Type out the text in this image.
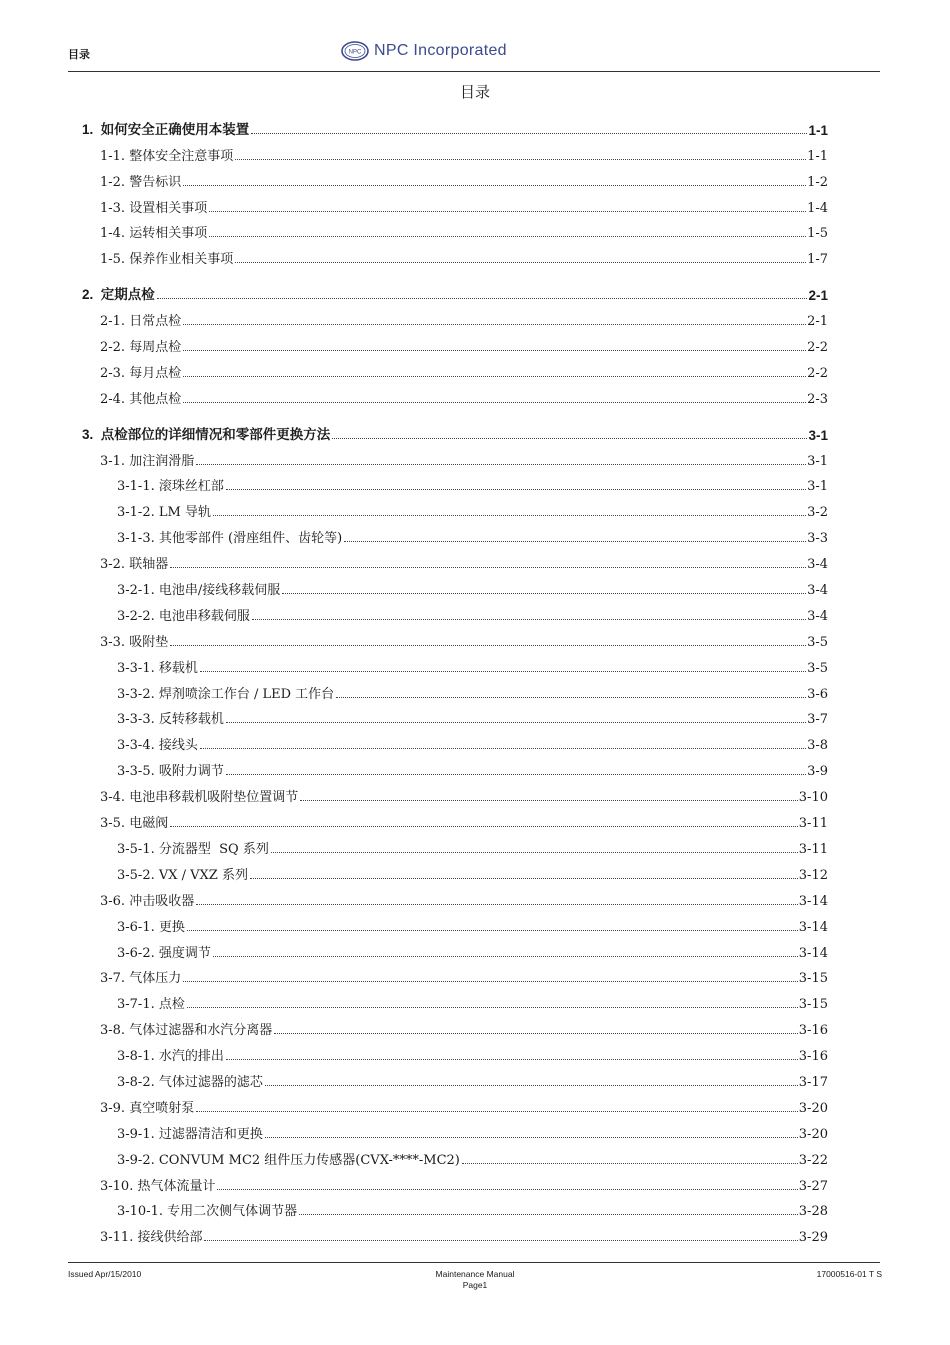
目录	NPC NPC Incorporated
目录
1.  如何安全正确使用本装置	1-1
1-1. 整体安全注意事项	1-1
1-2. 警告标识	1-2
1-3. 设置相关事项	1-4
1-4. 运转相关事项	1-5
1-5. 保养作业相关事项	1-7
2.  定期点检	2-1
2-1. 日常点检	2-1
2-2. 每周点检	2-2
2-3. 每月点检	2-2
2-4. 其他点检	2-3
3.  点检部位的详细情况和零部件更换方法	3-1
3-1. 加注润滑脂	3-1
3-1-1. 滚珠丝杠部	3-1
3-1-2. LM 导轨	3-2
3-1-3. 其他零部件 (滑座组件、齿轮等)	3-3
3-2. 联轴器	3-4
3-2-1. 电池串/接线移载伺服	3-4
3-2-2. 电池串移载伺服	3-4
3-3. 吸附垫	3-5
3-3-1. 移载机	3-5
3-3-2. 焊剂喷涂工作台 / LED 工作台	3-6
3-3-3. 反转移载机	3-7
3-3-4. 接线头	3-8
3-3-5. 吸附力调节	3-9
3-4. 电池串移载机吸附垫位置调节	3-10
3-5. 电磁阀	3-11
3-5-1. 分流器型  SQ 系列	3-11
3-5-2. VX / VXZ 系列	3-12
3-6. 冲击吸收器	3-14
3-6-1. 更换	3-14
3-6-2. 强度调节	3-14
3-7. 气体压力	3-15
3-7-1. 点检	3-15
3-8. 气体过滤器和水汽分离器	3-16
3-8-1. 水汽的排出	3-16
3-8-2. 气体过滤器的滤芯	3-17
3-9. 真空喷射泵	3-20
3-9-1. 过滤器清洁和更换	3-20
3-9-2. CONVUM MC2 组件压力传感器(CVX-****-MC2)	3-22
3-10. 热气体流量计	3-27
3-10-1. 专用二次侧气体调节器	3-28
3-11. 接线供给部	3-29
Issued Apr/15/2010	Maintenance Manual
Page1
17000516-01 T S
